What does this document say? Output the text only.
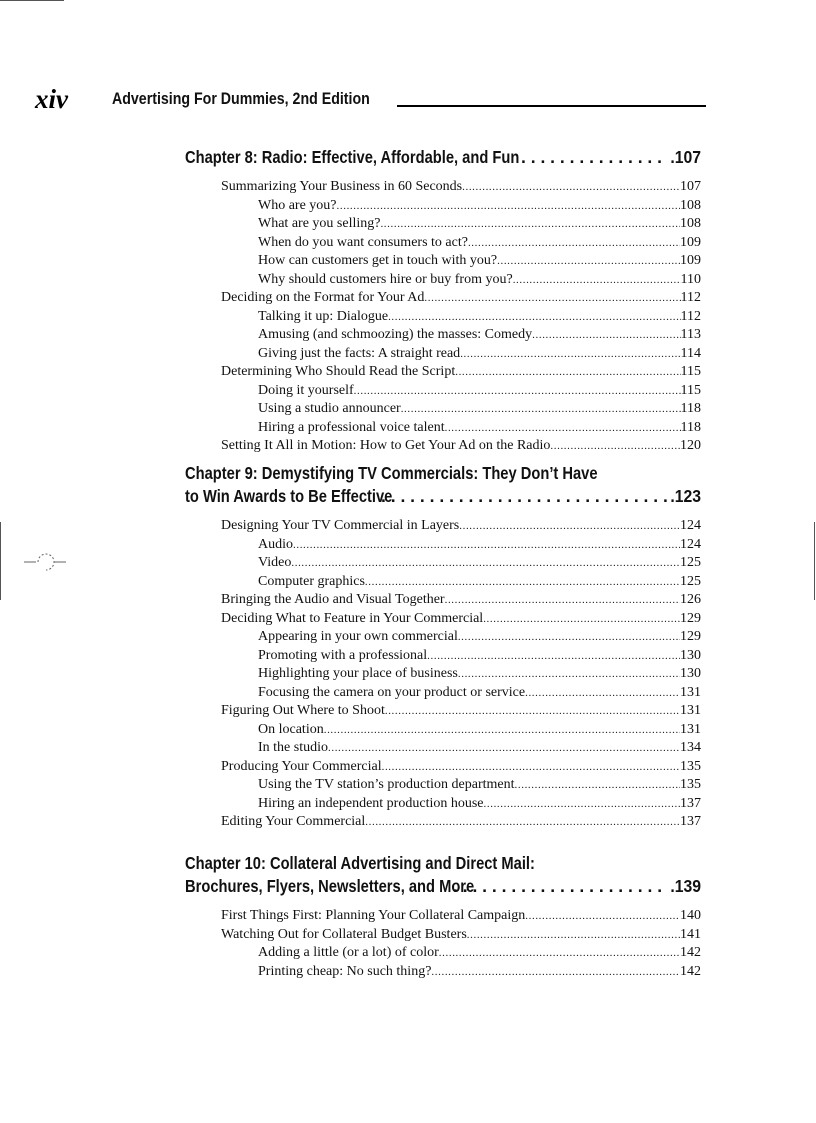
xiv	Advertising For Dummies, 2nd Edition
Chapter 8: Radio: Effective, Affordable, and Fun . . .	.107
Summarizing Your Business in 60 Seconds .....	107
Who are you? .....	108
What are you selling? .....	108
When do you want consumers to act? .....	109
How can customers get in touch with you? .....	109
Why should customers hire or buy from you? .....	110
Deciding on the Format for Your Ad .....	112
Talking it up: Dialogue .....	112
Amusing (and schmoozing) the masses: Comedy .....	113
Giving just the facts: A straight read .....	114
Determining Who Should Read the Script .....	115
Doing it yourself .....	115
Using a studio announcer .....	118
Hiring a professional voice talent .....	118
Setting It All in Motion: How to Get Your Ad on the Radio .....	120
Chapter 9: Demystifying TV Commercials: They Don’t Have
to Win Awards to Be Effective . . .	.123
Designing Your TV Commercial in Layers .....	124
Audio .....	124
Video .....	125
Computer graphics .....	125
Bringing the Audio and Visual Together .....	126
Deciding What to Feature in Your Commercial .....	129
Appearing in your own commercial .....	129
Promoting with a professional .....	130
Highlighting your place of business .....	130
Focusing the camera on your product or service .....	131
Figuring Out Where to Shoot .....	131
On location .....	131
In the studio .....	134
Producing Your Commercial .....	135
Using the TV station’s production department .....	135
Hiring an independent production house .....	137
Editing Your Commercial .....	137
Chapter 10: Collateral Advertising and Direct Mail:
Brochures, Flyers, Newsletters, and More . . .	.139
First Things First: Planning Your Collateral Campaign .....	140
Watching Out for Collateral Budget Busters .....	141
Adding a little (or a lot) of color .....	142
Printing cheap: No such thing? .....	142
